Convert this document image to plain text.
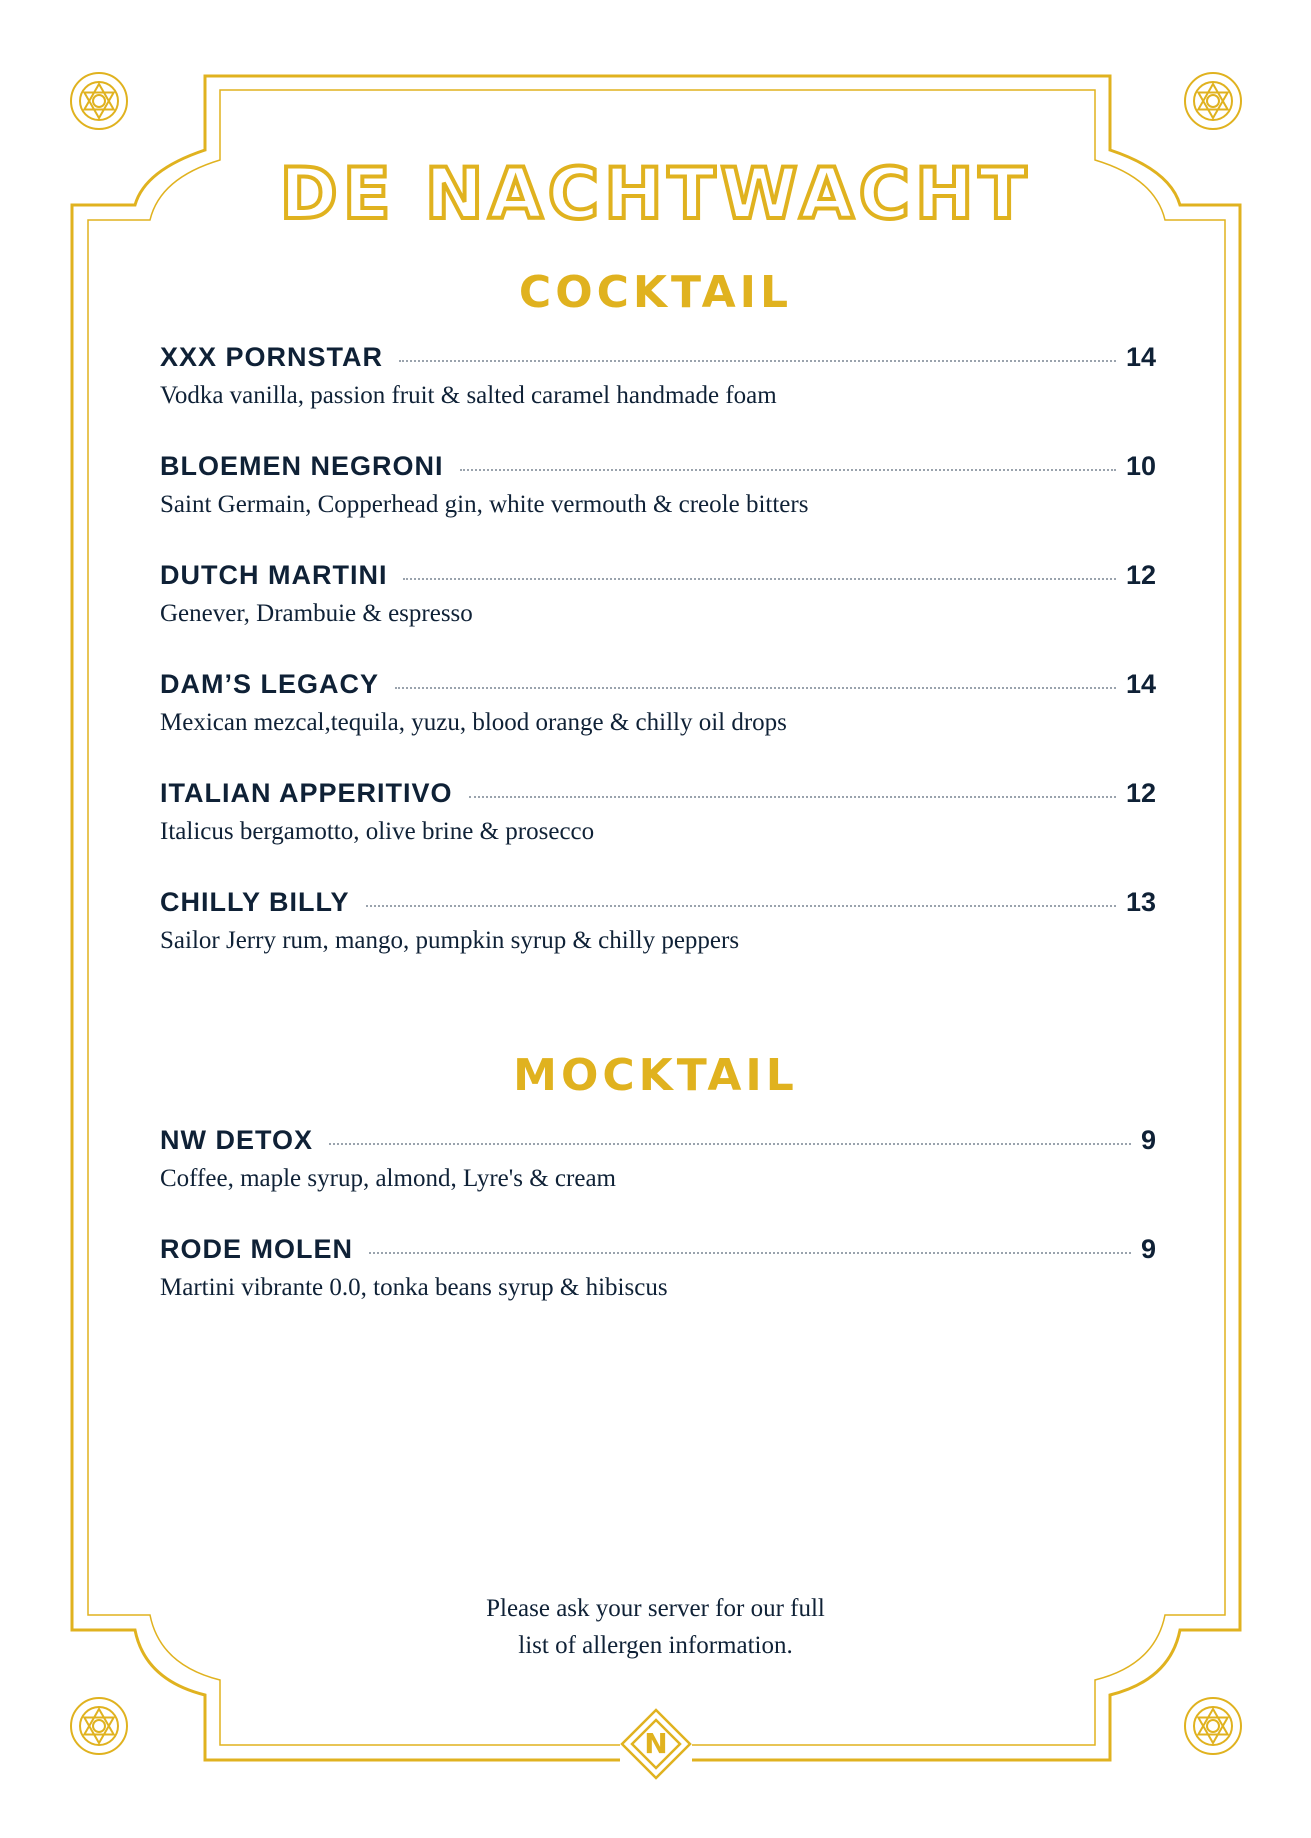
N
DE NACHTWACHT
COCKTAIL
XXX PORNSTAR	14
Vodka vanilla, passion fruit & salted caramel handmade foam
BLOEMEN NEGRONI	10
Saint Germain, Copperhead gin, white vermouth & creole bitters
DUTCH MARTINI	12
Genever, Drambuie & espresso
DAM’S LEGACY	14
Mexican mezcal,tequila, yuzu, blood orange & chilly oil drops
ITALIAN APPERITIVO	12
Italicus bergamotto, olive brine & prosecco
CHILLY BILLY	13
Sailor Jerry rum, mango, pumpkin syrup & chilly peppers
MOCKTAIL
NW DETOX	9
Coffee, maple syrup, almond, Lyre's & cream
RODE MOLEN	9
Martini vibrante 0.0, tonka beans syrup & hibiscus
Please ask your server for our full
list of allergen information.
